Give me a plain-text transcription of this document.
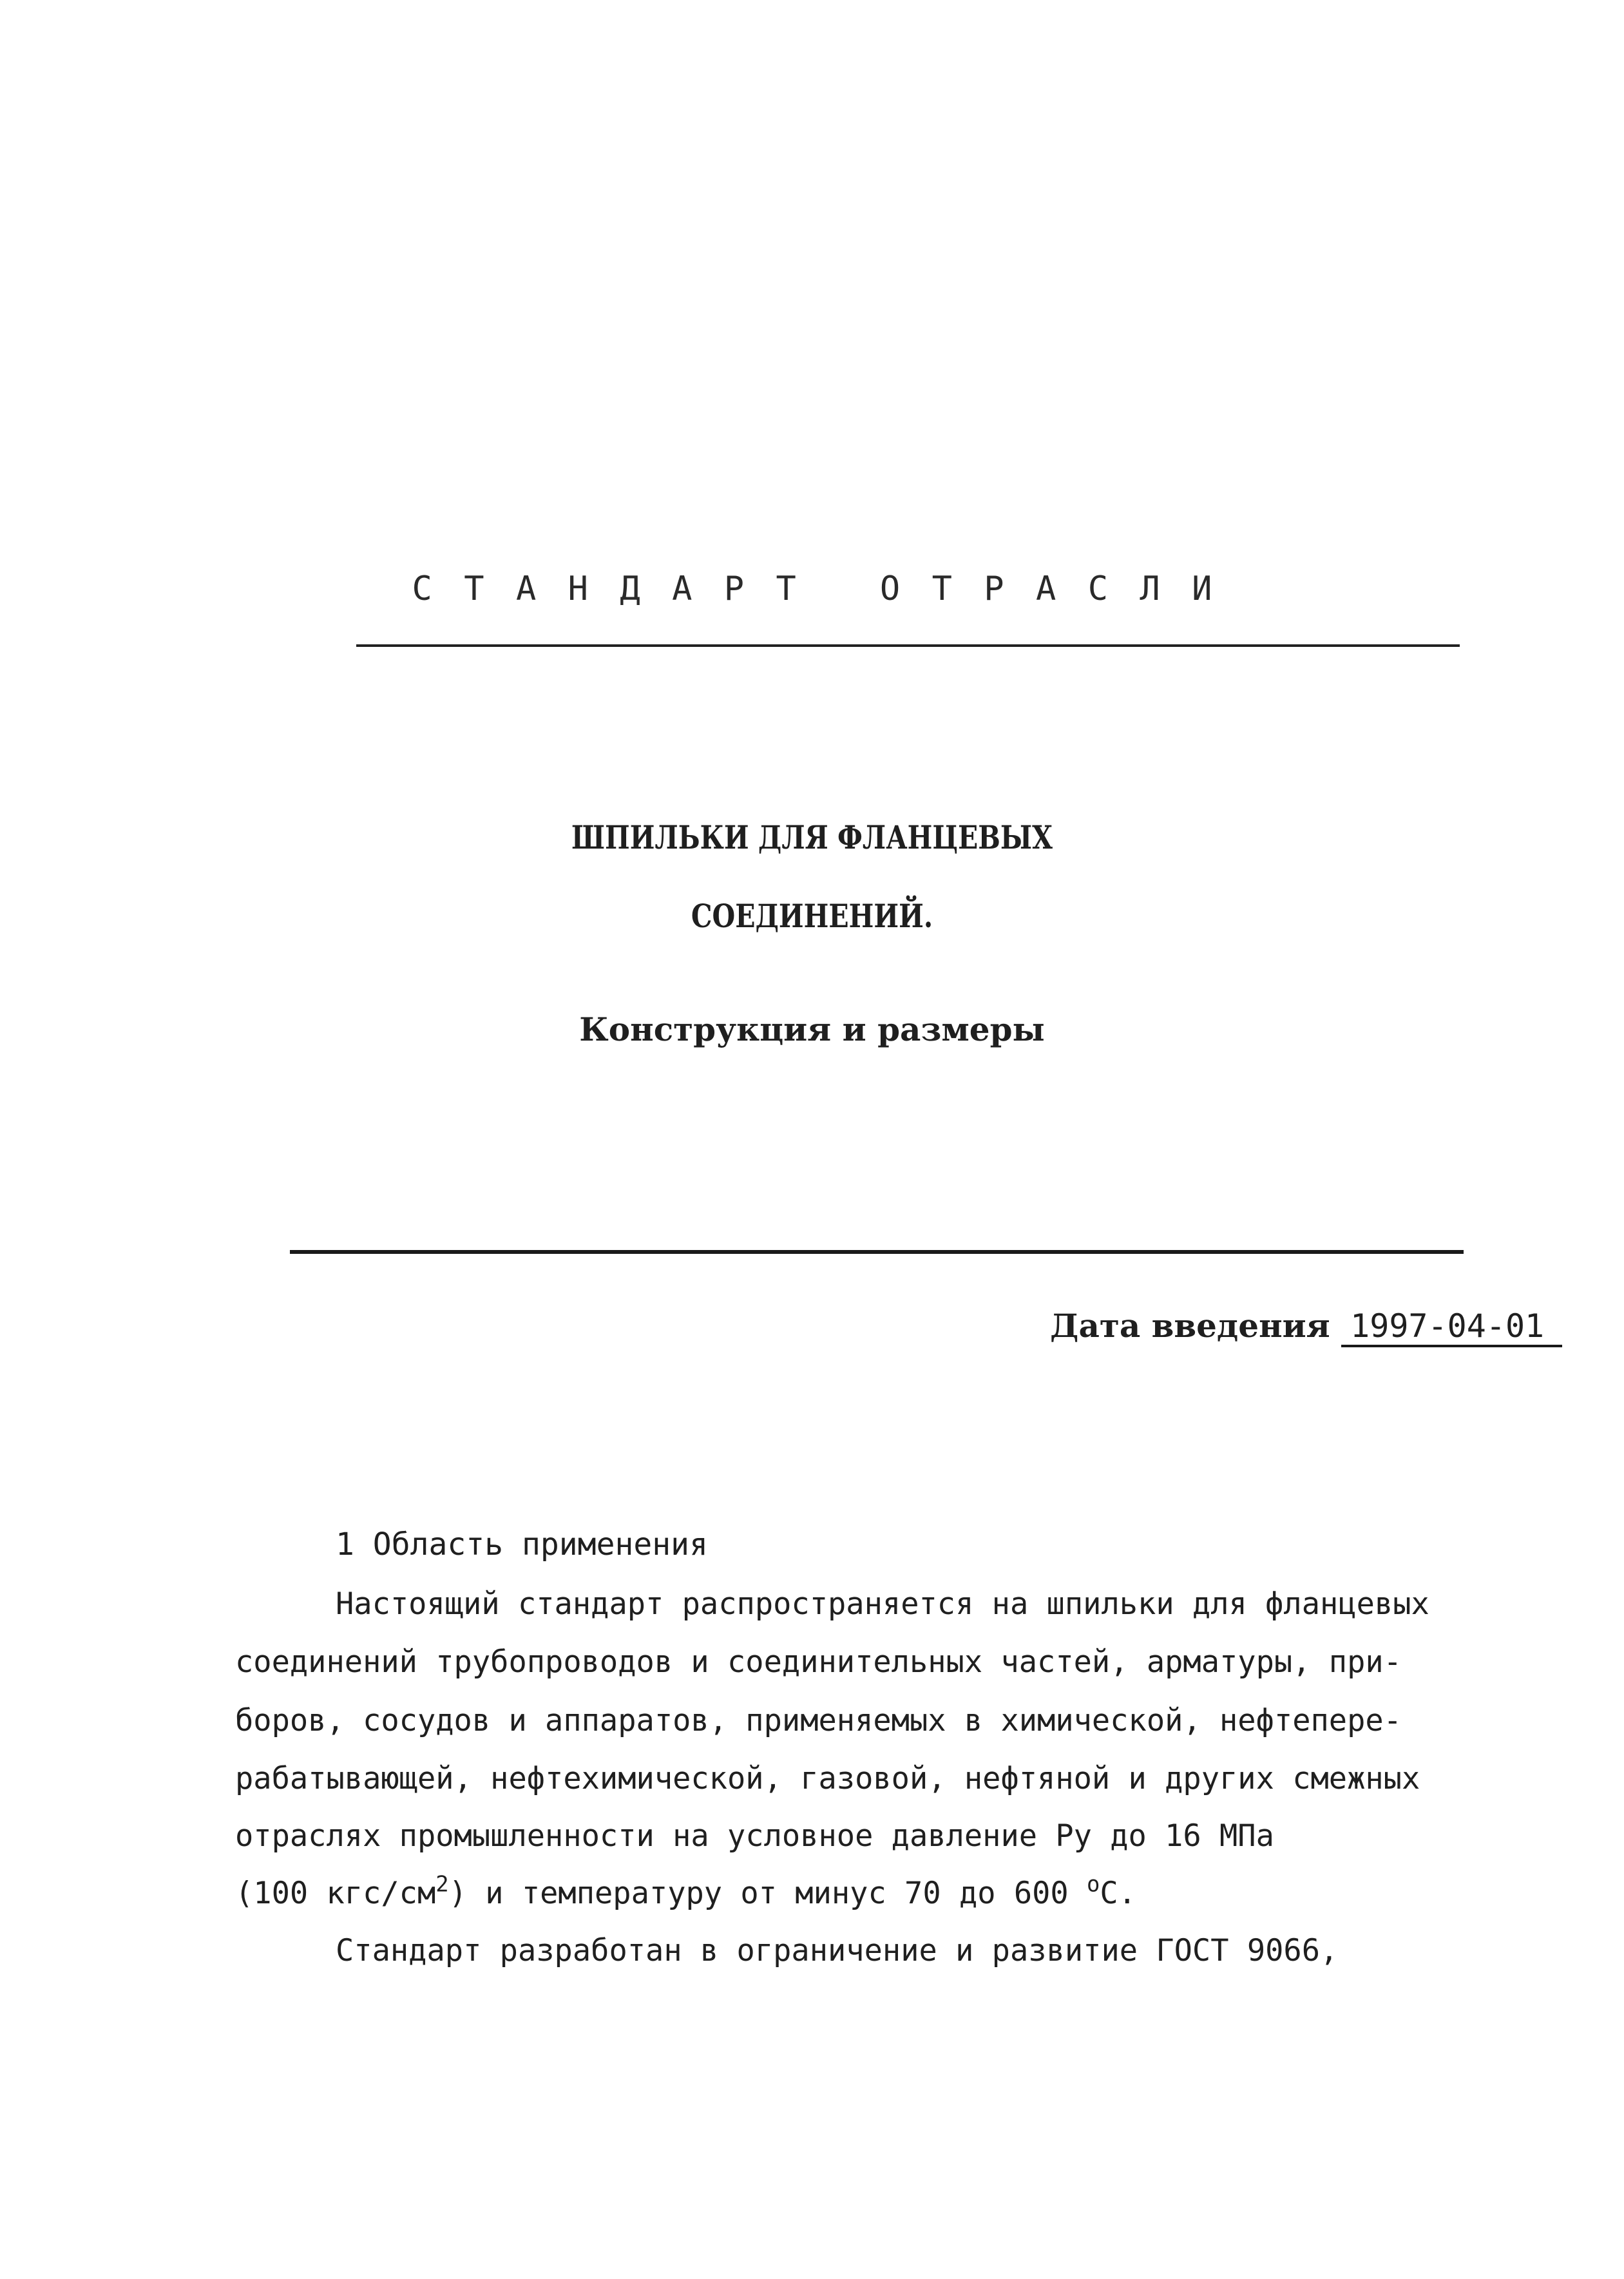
СТАНДАРТ ОТРАСЛИ
ШПИЛЬКИ ДЛЯ ФЛАНЦЕВЫХ
СОЕДИНЕНИЙ.
Конструкция и размеры
Дата введения 1997-04-01
1 Область применения
Настоящий стандарт распространяется на шпильки для фланцевых
соединений трубопроводов и соединительных частей, арматуры, при-
боров, сосудов и аппаратов, применяемых в химической, нефтепере-
рабатывающей, нефтехимической, газовой, нефтяной и других смежных
отраслях промышленности на условное давление Ру до 16 МПа
(100 кгс/$см^2$) и температуру от минус 70 до 600 $^о$С.
Стандарт разработан в ограничение и развитие ГОСТ 9066,
